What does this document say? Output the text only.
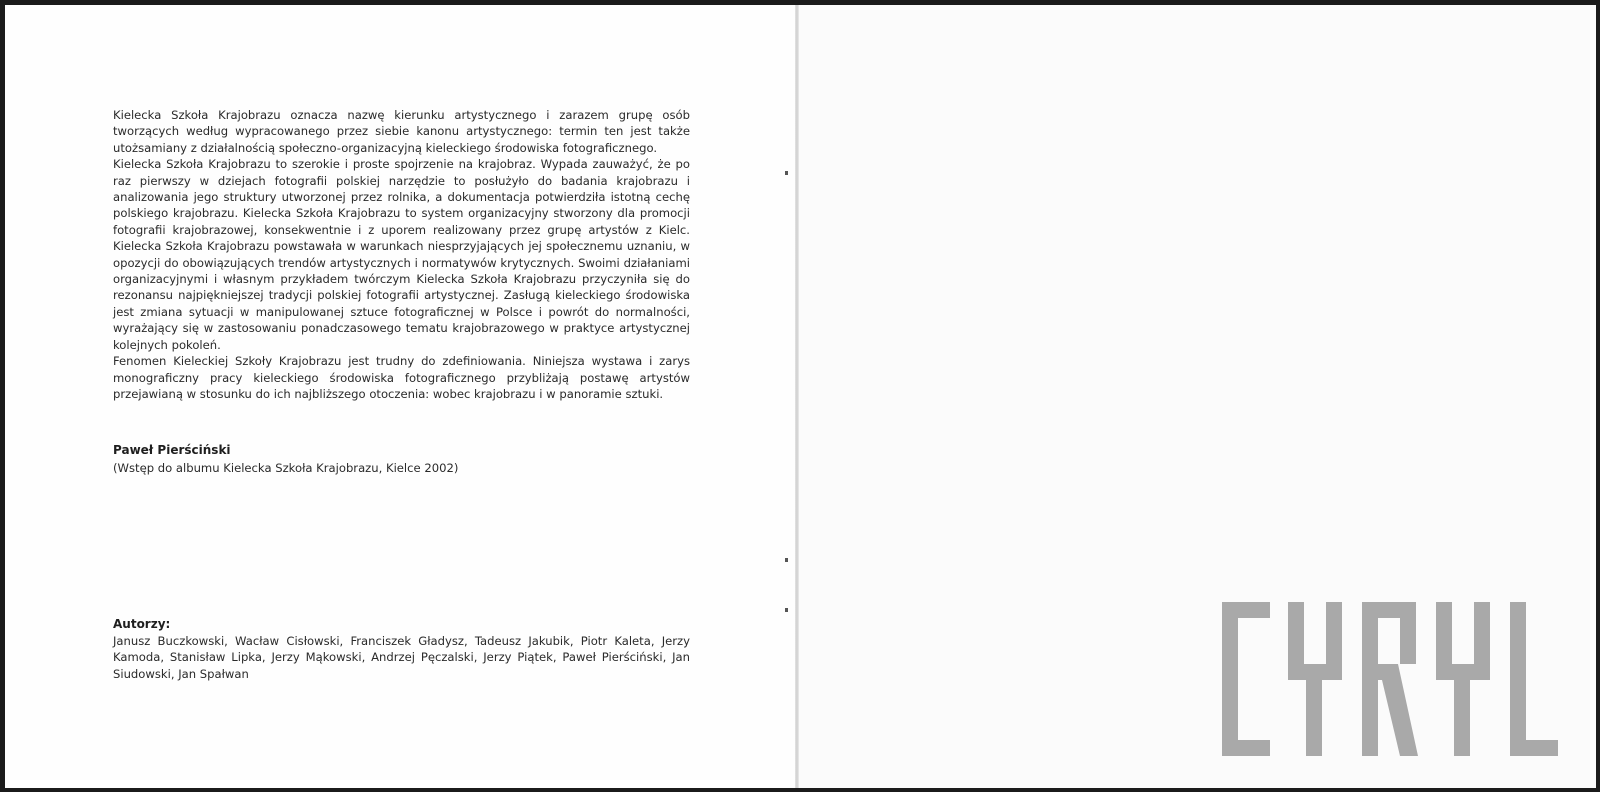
Kielecka Szkoła Krajobrazu oznacza nazwę kierunku artystycznego i zarazem grupę osób tworzących według wypracowanego przez siebie kanonu artystycznego: termin ten jest także utożsamiany z działalnością społeczno-organizacyjną kieleckiego środowiska fotograficznego.

Kielecka Szkoła Krajobrazu to szerokie i proste spojrzenie na krajobraz. Wypada zauważyć, że po raz pierwszy w dziejach fotografii polskiej narzędzie to posłużyło do badania krajobrazu i analizowania jego struktury utworzonej przez rolnika, a dokumentacja potwierdziła istotną cechę polskiego krajobrazu. Kielecka Szkoła Krajobrazu to system organizacyjny stworzony dla promocji fotografii krajobrazowej, konsekwentnie i z uporem realizowany przez grupę artystów z Kielc. Kielecka Szkoła Krajobrazu powstawała w warunkach niesprzyjających jej społecznemu uznaniu, w opozycji do obowiązujących trendów artystycznych i normatywów krytycznych. Swoimi działaniami organizacyjnymi i własnym przykładem twórczym Kielecka Szkoła Krajobrazu przyczyniła się do rezonansu najpiękniejszej tradycji polskiej fotografii artystycznej. Zasługą kieleckiego środowiska jest zmiana sytuacji w manipulowanej sztuce fotograficznej w Polsce i powrót do normalności, wyrażający się w zastosowaniu ponadczasowego tematu krajobrazowego w praktyce artystycznej kolejnych pokoleń.

Fenomen Kieleckiej Szkoły Krajobrazu jest trudny do zdefiniowania. Niniejsza wystawa i zarys monograficzny pracy kieleckiego środowiska fotograficznego przybliżają postawę artystów przejawianą w stosunku do ich najbliższego otoczenia: wobec krajobrazu i w panoramie sztuki.

Paweł Pierściński
(Wstęp do albumu Kielecka Szkoła Krajobrazu, Kielce 2002)
Autorzy:
Janusz Buczkowski, Wacław Cisłowski, Franciszek Gładysz, Tadeusz Jakubik, Piotr Kaleta, Jerzy Kamoda, Stanisław Lipka, Jerzy Mąkowski, Andrzej Pęczalski, Jerzy Piątek, Paweł Pierściński, Jan Siudowski, Jan Spałwan
